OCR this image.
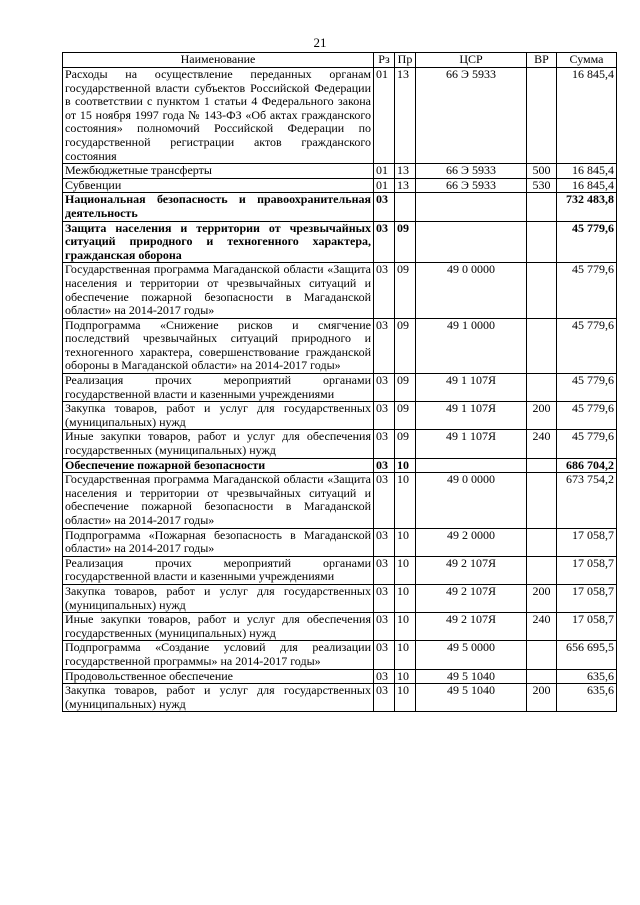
21
Наименование	Рз	Пр	ЦСР	ВР	Сумма
Расходы на осуществление переданных органам государственной власти субъектов Российской Федерации в соответствии с пунктом 1 статьи 4 Федерального закона от 15 ноября 1997 года № 143-ФЗ «Об актах гражданского состояния» полномочий Российской Федерации по государственной регистрации актов гражданского состояния	01	13	66 Э 5933		16 845,4
Межбюджетные трансферты	01	13	66 Э 5933	500	16 845,4
Субвенции	01	13	66 Э 5933	530	16 845,4
Национальная безопасность и правоохранительная деятельность	03				732 483,8
Защита населения и территории от чрезвычайных ситуаций природного и техногенного характера, гражданская оборона	03	09			45 779,6
Государственная программа Магаданской области «Защита населения и территории от чрезвычайных ситуаций и обеспечение пожарной безопасности в Магаданской области» на 2014-2017 годы»	03	09	49 0 0000		45 779,6
Подпрограмма «Снижение рисков и смягчение последствий чрезвычайных ситуаций природного и техногенного характера, совершенствование гражданской обороны в Магаданской области» на 2014-2017 годы»	03	09	49 1 0000		45 779,6
Реализация прочих мероприятий органами государственной власти и казенными учреждениями	03	09	49 1 107Я		45 779,6
Закупка товаров, работ и услуг для государственных (муниципальных) нужд	03	09	49 1 107Я	200	45 779,6
Иные закупки товаров, работ и услуг для обеспечения государственных (муниципальных) нужд	03	09	49 1 107Я	240	45 779,6
Обеспечение пожарной безопасности	03	10			686 704,2
Государственная программа Магаданской области «Защита населения и территории от чрезвычайных ситуаций и обеспечение пожарной безопасности в Магаданской области» на 2014-2017 годы»	03	10	49 0 0000		673 754,2
Подпрограмма «Пожарная безопасность в Магаданской области» на 2014-2017 годы»	03	10	49 2 0000		17 058,7
Реализация прочих мероприятий органами государственной власти и казенными учреждениями	03	10	49 2 107Я		17 058,7
Закупка товаров, работ и услуг для государственных (муниципальных) нужд	03	10	49 2 107Я	200	17 058,7
Иные закупки товаров, работ и услуг для обеспечения государственных (муниципальных) нужд	03	10	49 2 107Я	240	17 058,7
Подпрограмма «Создание условий для реализации государственной программы» на 2014-2017 годы»	03	10	49 5 0000		656 695,5
Продовольственное обеспечение	03	10	49 5 1040		635,6
Закупка товаров, работ и услуг для государственных (муниципальных) нужд	03	10	49 5 1040	200	635,6
